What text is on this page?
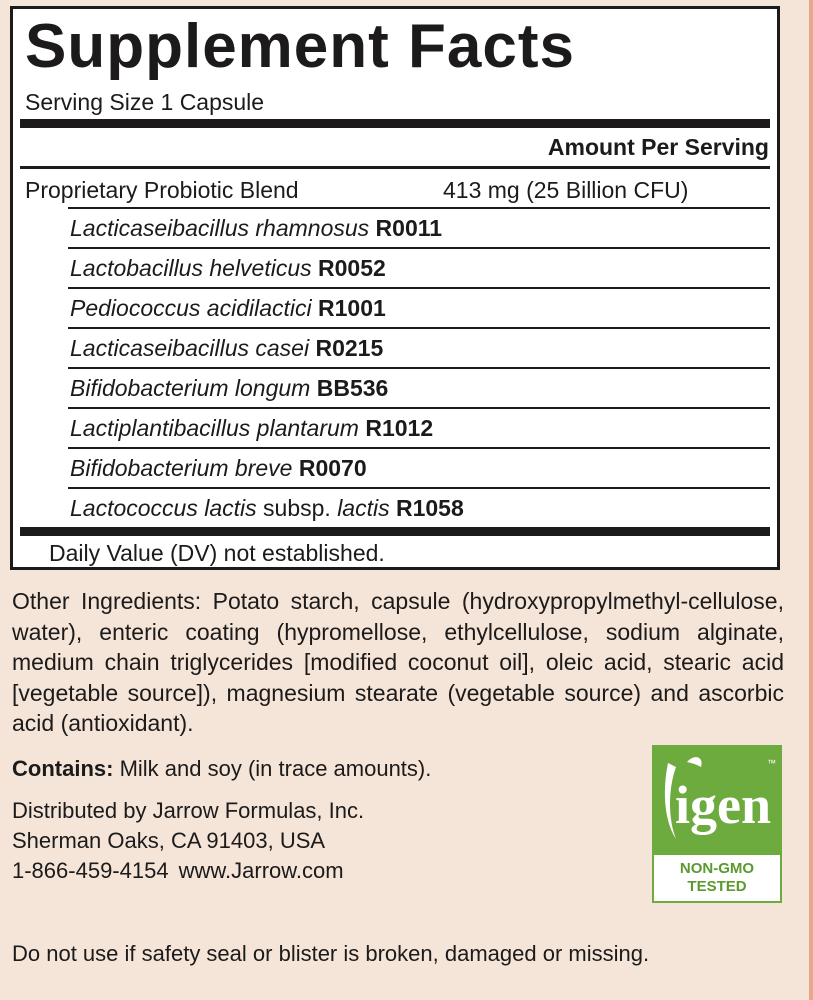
Supplement Facts
Serving Size 1 Capsule
Amount Per Serving
Proprietary Probiotic Blend	413 mg (25 Billion CFU)
Lacticaseibacillus rhamnosus R0011
Lactobacillus helveticus R0052
Pediococcus acidilactici R1001
Lacticaseibacillus casei R0215
Bifidobacterium longum BB536
Lactiplantibacillus plantarum R1012
Bifidobacterium breve R0070
Lactococcus lactis subsp. lactis R1058
Daily Value (DV) not established.
Other Ingredients: Potato starch, capsule (hydroxypropylmethyl-cellulose, water), enteric coating (hypromellose, ethylcellulose, sodium alginate, medium chain triglycerides [modified coconut oil], oleic acid, stearic acid [vegetable source]), magnesium stearate (vegetable source) and ascorbic acid (antioxidant).
Contains: Milk and soy (in trace amounts).
Distributed by Jarrow Formulas, Inc.
Sherman Oaks, CA 91403, USA
1-866-459-4154 www.Jarrow.com
igen
™
NON-GMO
TESTED
Do not use if safety seal or blister is broken, damaged or missing.
